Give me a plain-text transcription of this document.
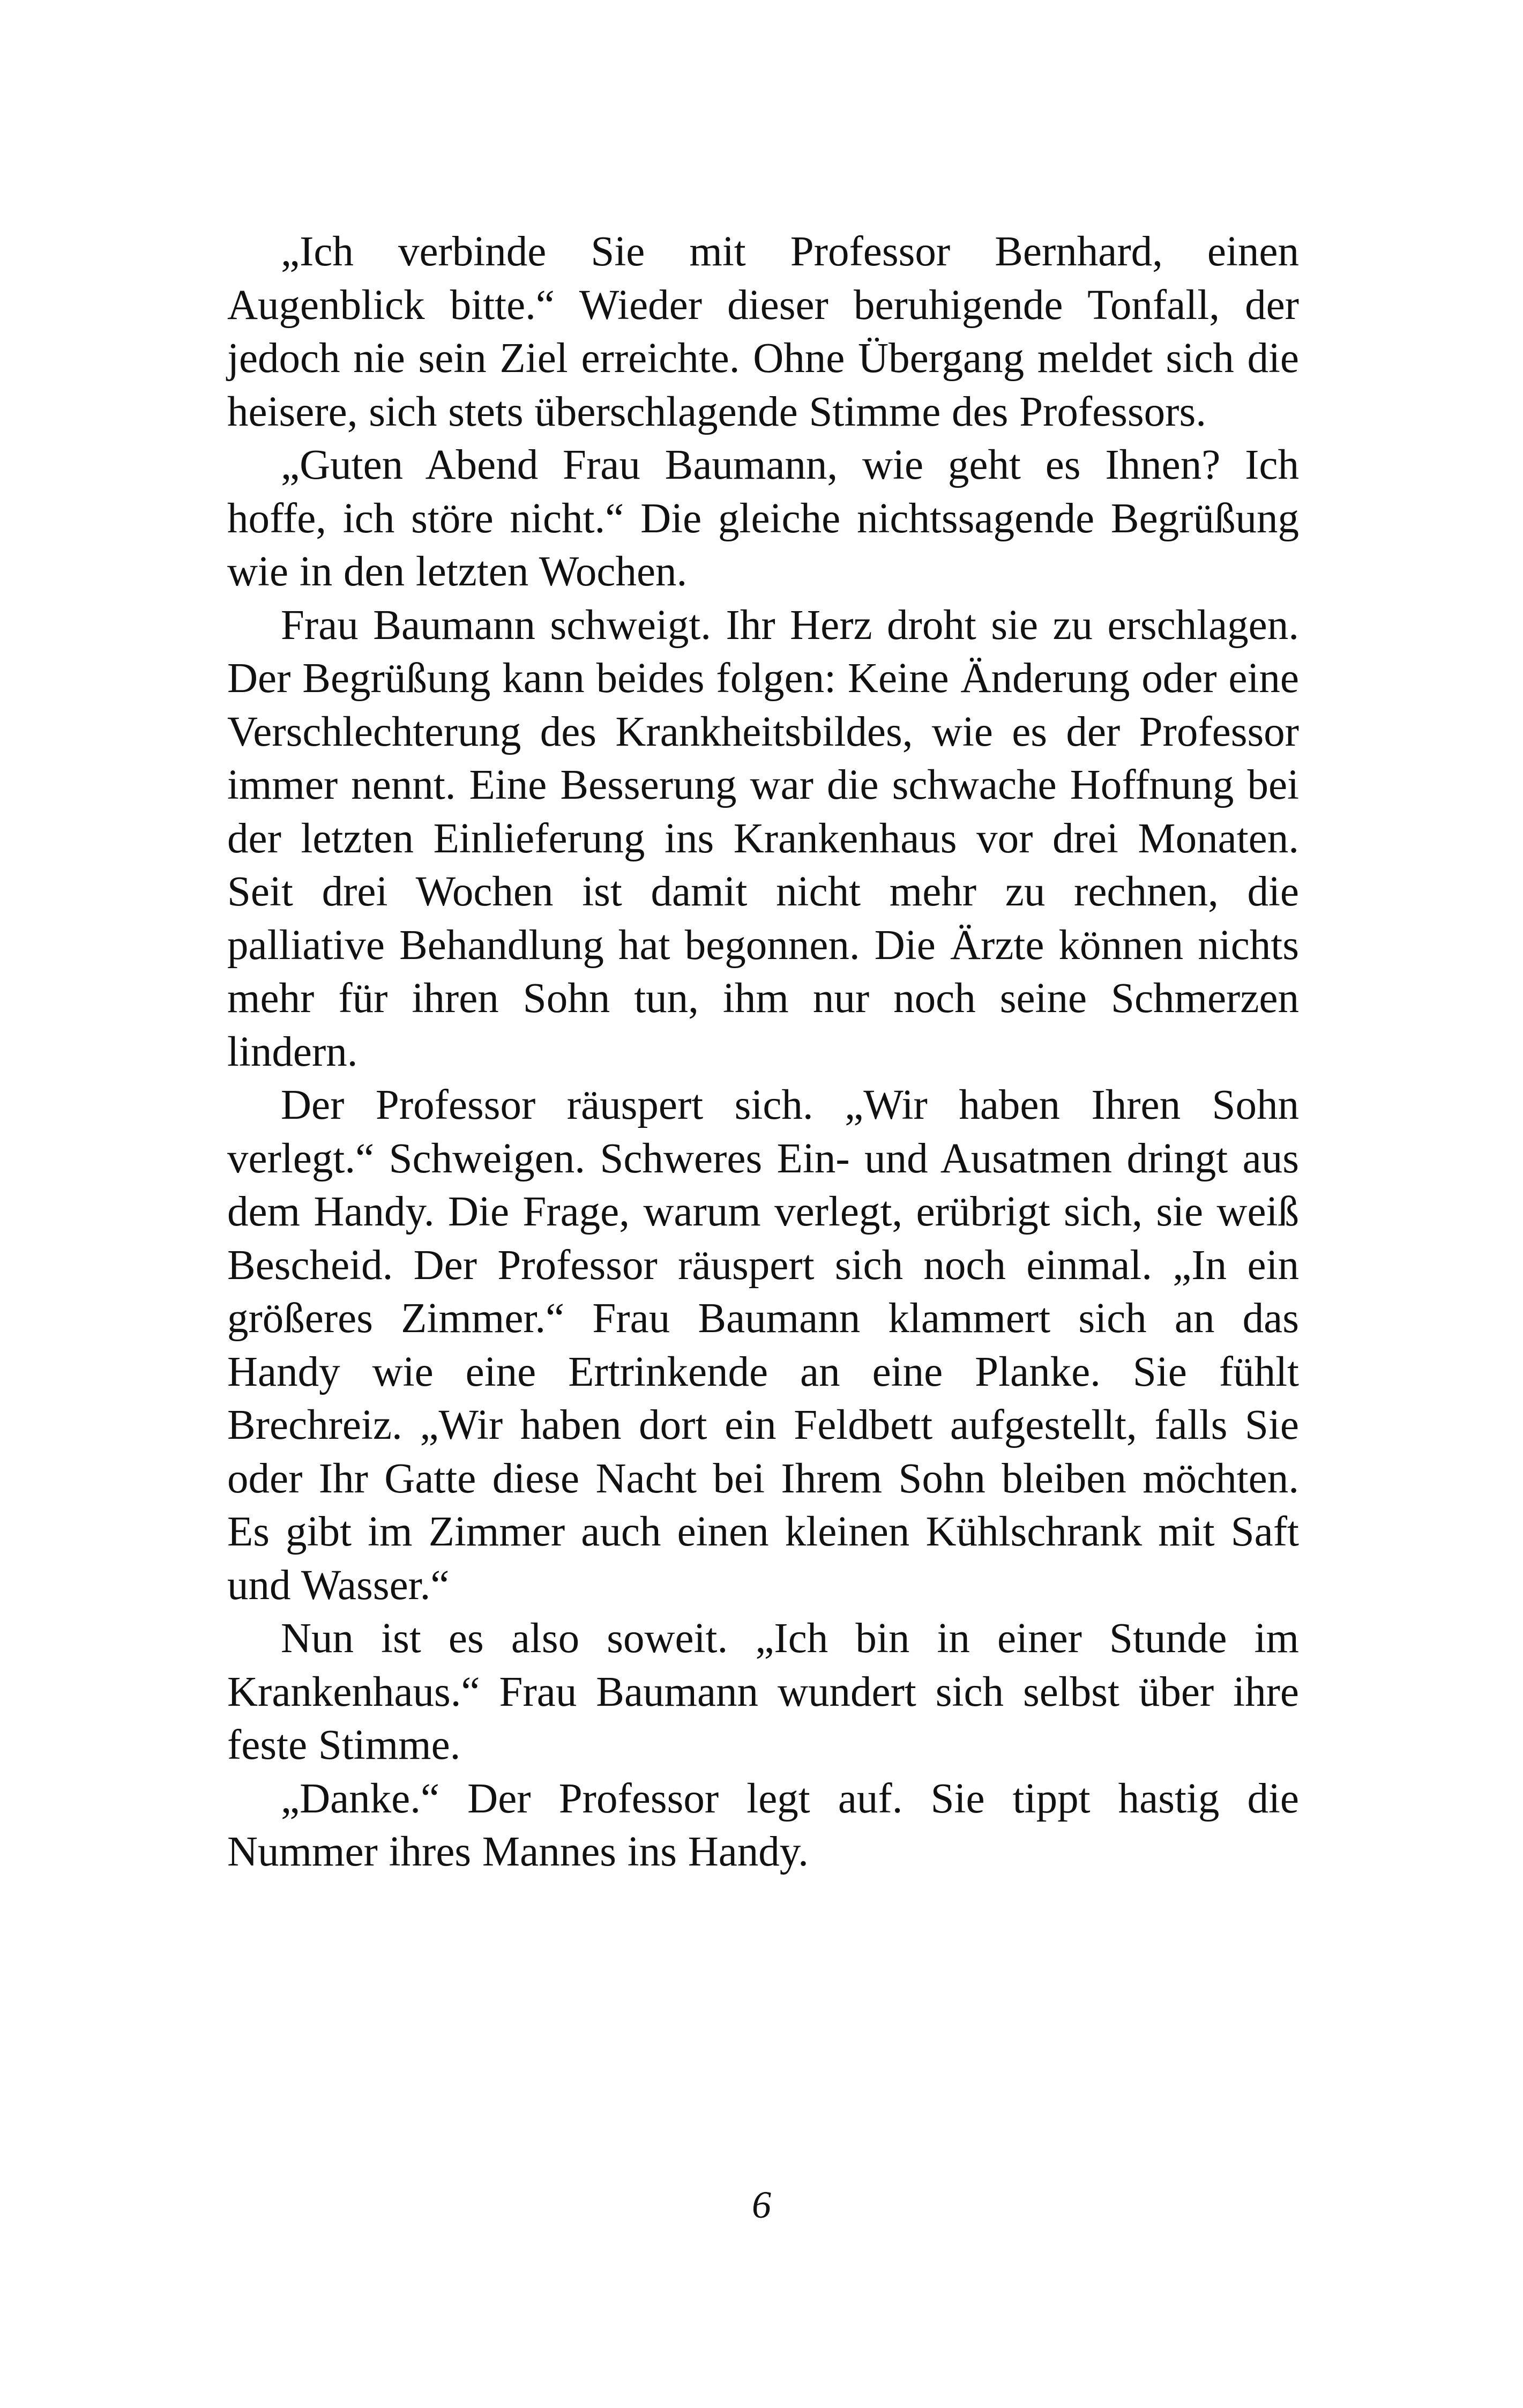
„Ich verbinde Sie mit Professor Bernhard, einen Augenblick bitte.“ Wieder dieser beruhigende Tonfall, der jedoch nie sein Ziel erreichte. Ohne Übergang meldet sich die heisere, sich stets überschlagende Stimme des Professors.

„Guten Abend Frau Baumann, wie geht es Ihnen? Ich hoffe, ich störe nicht.“ Die gleiche nichtssagende Begrüßung wie in den letzten Wochen.

Frau Baumann schweigt. Ihr Herz droht sie zu erschlagen. Der Begrüßung kann beides folgen: Keine Änderung oder eine Verschlechterung des Krankheitsbildes, wie es der Professor immer nennt. Eine Besserung war die schwache Hoffnung bei der letzten Einlieferung ins Krankenhaus vor drei Monaten. Seit drei Wochen ist damit nicht mehr zu rechnen, die palliative Behandlung hat begonnen. Die Ärzte können nichts mehr für ihren Sohn tun, ihm nur noch seine Schmerzen lindern.

Der Professor räuspert sich. „Wir haben Ihren Sohn verlegt.“ Schweigen. Schweres Ein- und Ausatmen dringt aus dem Handy. Die Frage, warum verlegt, erübrigt sich, sie weiß Bescheid. Der Professor räuspert sich noch einmal. „In ein größeres Zimmer.“ Frau Baumann klammert sich an das Handy wie eine Ertrinkende an eine Planke. Sie fühlt Brechreiz. „Wir haben dort ein Feldbett aufgestellt, falls Sie oder Ihr Gatte diese Nacht bei Ihrem Sohn bleiben möchten. Es gibt im Zimmer auch einen kleinen Kühlschrank mit Saft und Wasser.“

Nun ist es also soweit. „Ich bin in einer Stunde im Krankenhaus.“ Frau Baumann wundert sich selbst über ihre feste Stimme.

„Danke.“ Der Professor legt auf. Sie tippt hastig die Nummer ihres Mannes ins Handy.

6
